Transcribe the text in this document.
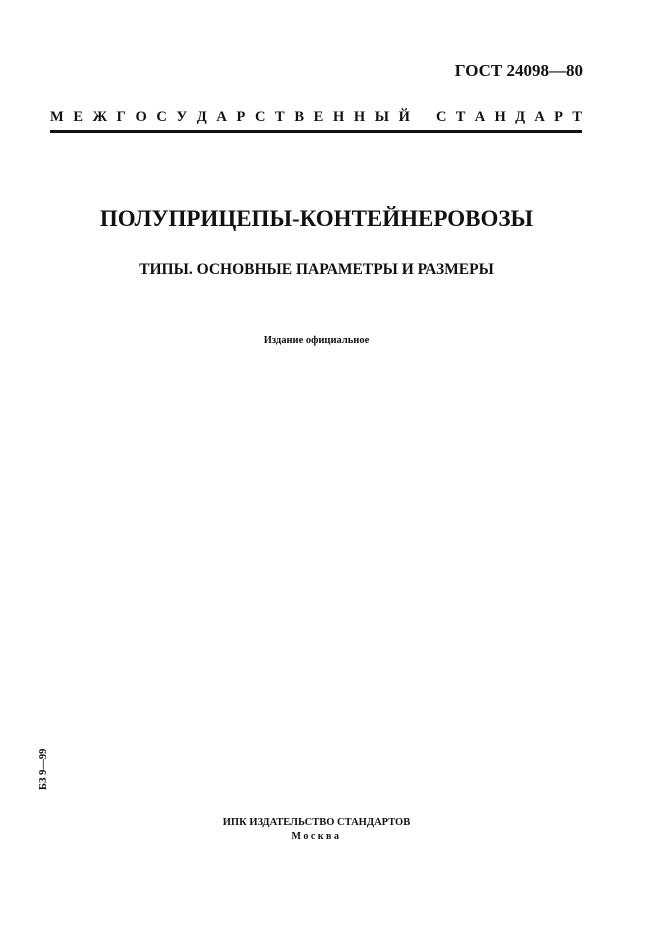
ГОСТ 24098—80
М Е Ж Г О С У Д А Р С Т В Е Н Н Ы Й С Т А Н Д А Р Т
ПОЛУПРИЦЕПЫ-КОНТЕЙНЕРОВОЗЫ
ТИПЫ. ОСНОВНЫЕ ПАРАМЕТРЫ И РАЗМЕРЫ
Издание официальное
БЗ 9—99
ИПК ИЗДАТЕЛЬСТВО СТАНДАРТОВ
Москва
